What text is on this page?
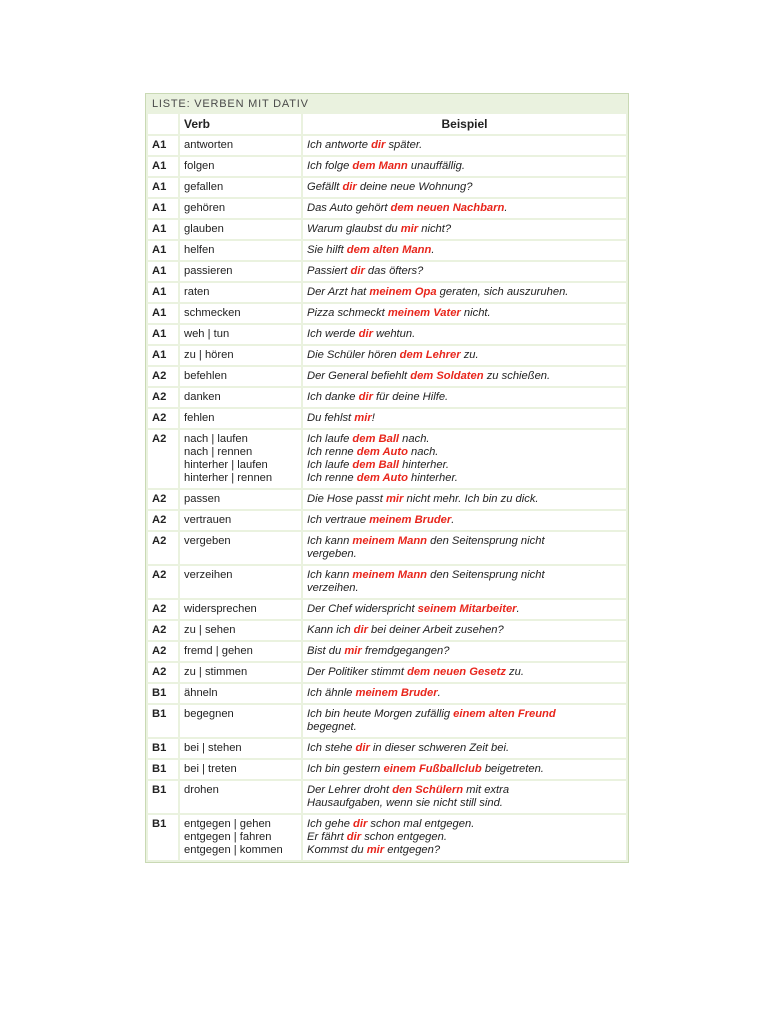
LISTE: VERBEN MIT DATIV
	Verb	Beispiel
A1	antworten	Ich antworte dir später.

A1	folgen	Ich folge dem Mann unauffällig.

A1	gefallen	Gefällt dir deine neue Wohnung?

A1	gehören	Das Auto gehört dem neuen Nachbarn.

A1	glauben	Warum glaubst du mir nicht?

A1	helfen	Sie hilft dem alten Mann.

A1	passieren	Passiert dir das öfters?

A1	raten	Der Arzt hat meinem Opa geraten, sich auszuruhen.

A1	schmecken	Pizza schmeckt meinem Vater nicht.

A1	weh | tun	Ich werde dir wehtun.

A1	zu | hören	Die Schüler hören dem Lehrer zu.

A2	befehlen	Der General befiehlt dem Soldaten zu schießen.

A2	danken	Ich danke dir für deine Hilfe.

A2	fehlen	Du fehlst mir!

A2	nach | laufen
nach | rennen
hinterher | laufen
hinterher | rennen	Ich laufe dem Ball nach.
Ich renne dem Auto nach.
Ich laufe dem Ball hinterher.
Ich renne dem Auto hinterher.

A2	passen	Die Hose passt mir nicht mehr. Ich bin zu dick.

A2	vertrauen	Ich vertraue meinem Bruder.

A2	vergeben	Ich kann meinem Mann den Seitensprung nicht
vergeben.

A2	verzeihen	Ich kann meinem Mann den Seitensprung nicht
verzeihen.

A2	widersprechen	Der Chef widerspricht seinem Mitarbeiter.

A2	zu | sehen	Kann ich dir bei deiner Arbeit zusehen?

A2	fremd | gehen	Bist du mir fremdgegangen?

A2	zu | stimmen	Der Politiker stimmt dem neuen Gesetz zu.

B1	ähneln	Ich ähnle meinem Bruder.

B1	begegnen	Ich bin heute Morgen zufällig einem alten Freund
begegnet.

B1	bei | stehen	Ich stehe dir in dieser schweren Zeit bei.

B1	bei | treten	Ich bin gestern einem Fußballclub beigetreten.

B1	drohen	Der Lehrer droht den Schülern mit extra
Hausaufgaben, wenn sie nicht still sind.

B1	entgegen | gehen
entgegen | fahren
entgegen | kommen	Ich gehe dir schon mal entgegen.
Er fährt dir schon entgegen.
Kommst du mir entgegen?
